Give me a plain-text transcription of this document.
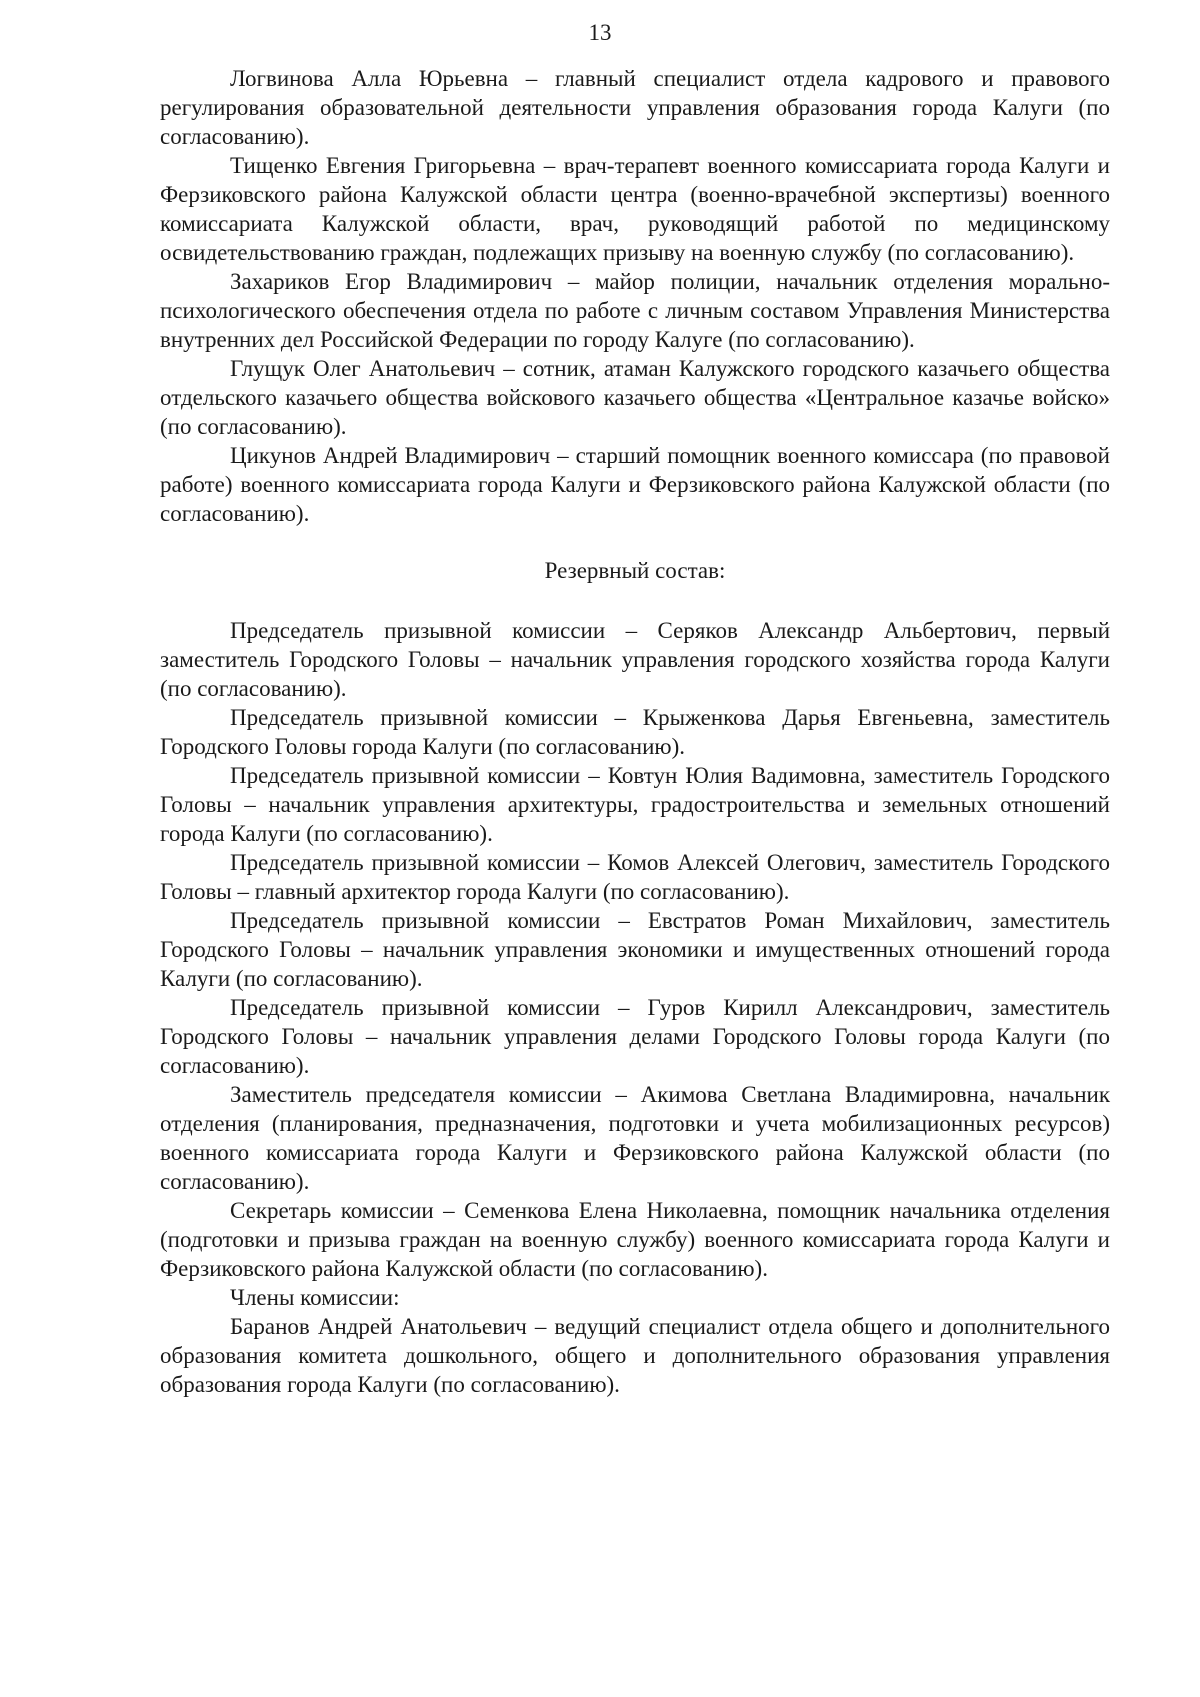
13

Логвинова Алла Юрьевна – главный специалист отдела кадрового и правового регулирования образовательной деятельности управления образования города Калуги (по согласованию).

Тищенко Евгения Григорьевна – врач-терапевт военного комиссариата города Калуги и Ферзиковского района Калужской области центра (военно-врачебной экспертизы) военного комиссариата Калужской области, врач, руководящий работой по медицинскому освидетельствованию граждан, подлежащих призыву на военную службу (по согласованию).

Захариков Егор Владимирович – майор полиции, начальник отделения морально-психологического обеспечения отдела по работе с личным составом Управления Министерства внутренних дел Российской Федерации по городу Калуге (по согласованию).

Глущук Олег Анатольевич – сотник, атаман Калужского городского казачьего общества отдельского казачьего общества войскового казачьего общества «Центральное казачье войско» (по согласованию).

Цикунов Андрей Владимирович – старший помощник военного комиссара (по правовой работе) военного комиссариата города Калуги и Ферзиковского района Калужской области (по согласованию).

Резервный состав:

Председатель призывной комиссии – Серяков Александр Альбертович, первый заместитель Городского Головы – начальник управления городского хозяйства города Калуги (по согласованию).

Председатель призывной комиссии – Крыженкова Дарья Евгеньевна, заместитель Городского Головы города Калуги (по согласованию).

Председатель призывной комиссии – Ковтун Юлия Вадимовна, заместитель Городского Головы – начальник управления архитектуры, градостроительства и земельных отношений города Калуги (по согласованию).

Председатель призывной комиссии – Комов Алексей Олегович, заместитель Городского Головы – главный архитектор города Калуги (по согласованию).

Председатель призывной комиссии – Евстратов Роман Михайлович, заместитель Городского Головы – начальник управления экономики и имущественных отношений города Калуги (по согласованию).

Председатель призывной комиссии – Гуров Кирилл Александрович, заместитель Городского Головы – начальник управления делами Городского Головы города Калуги (по согласованию).

Заместитель председателя комиссии – Акимова Светлана Владимировна, начальник отделения (планирования, предназначения, подготовки и учета мобилизационных ресурсов) военного комиссариата города Калуги и Ферзиковского района Калужской области (по согласованию).

Секретарь комиссии – Семенкова Елена Николаевна, помощник начальника отделения (подготовки и призыва граждан на военную службу) военного комиссариата города Калуги и Ферзиковского района Калужской области (по согласованию).

Члены комиссии:

Баранов Андрей Анатольевич – ведущий специалист отдела общего и дополнительного образования комитета дошкольного, общего и дополнительного образования управления образования города Калуги (по согласованию).
